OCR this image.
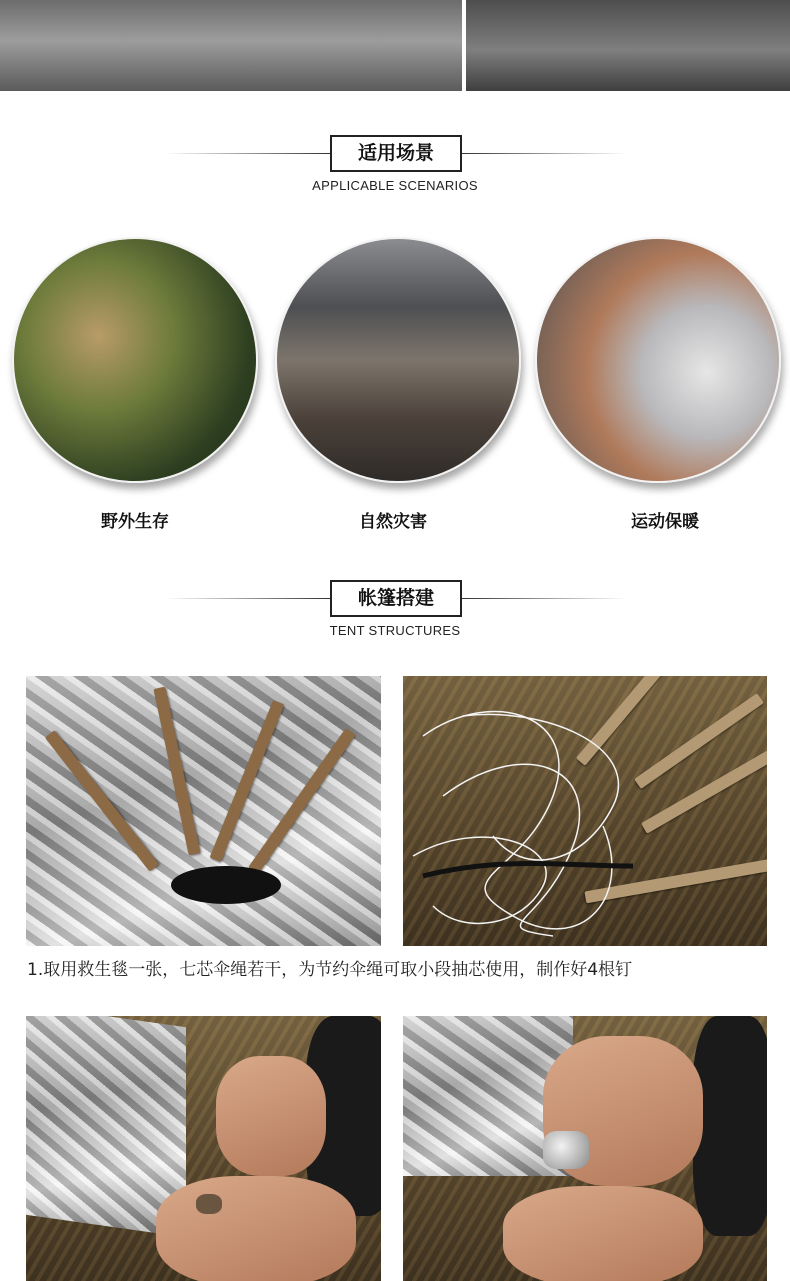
适用场景
APPLICABLE SCENARIOS
野外生存	自然灾害	运动保暖
帐篷搭建
TENT STRUCTURES
1.取用救生毯一张，七芯伞绳若干，为节约伞绳可取小段抽芯使用，制作好4根钉
